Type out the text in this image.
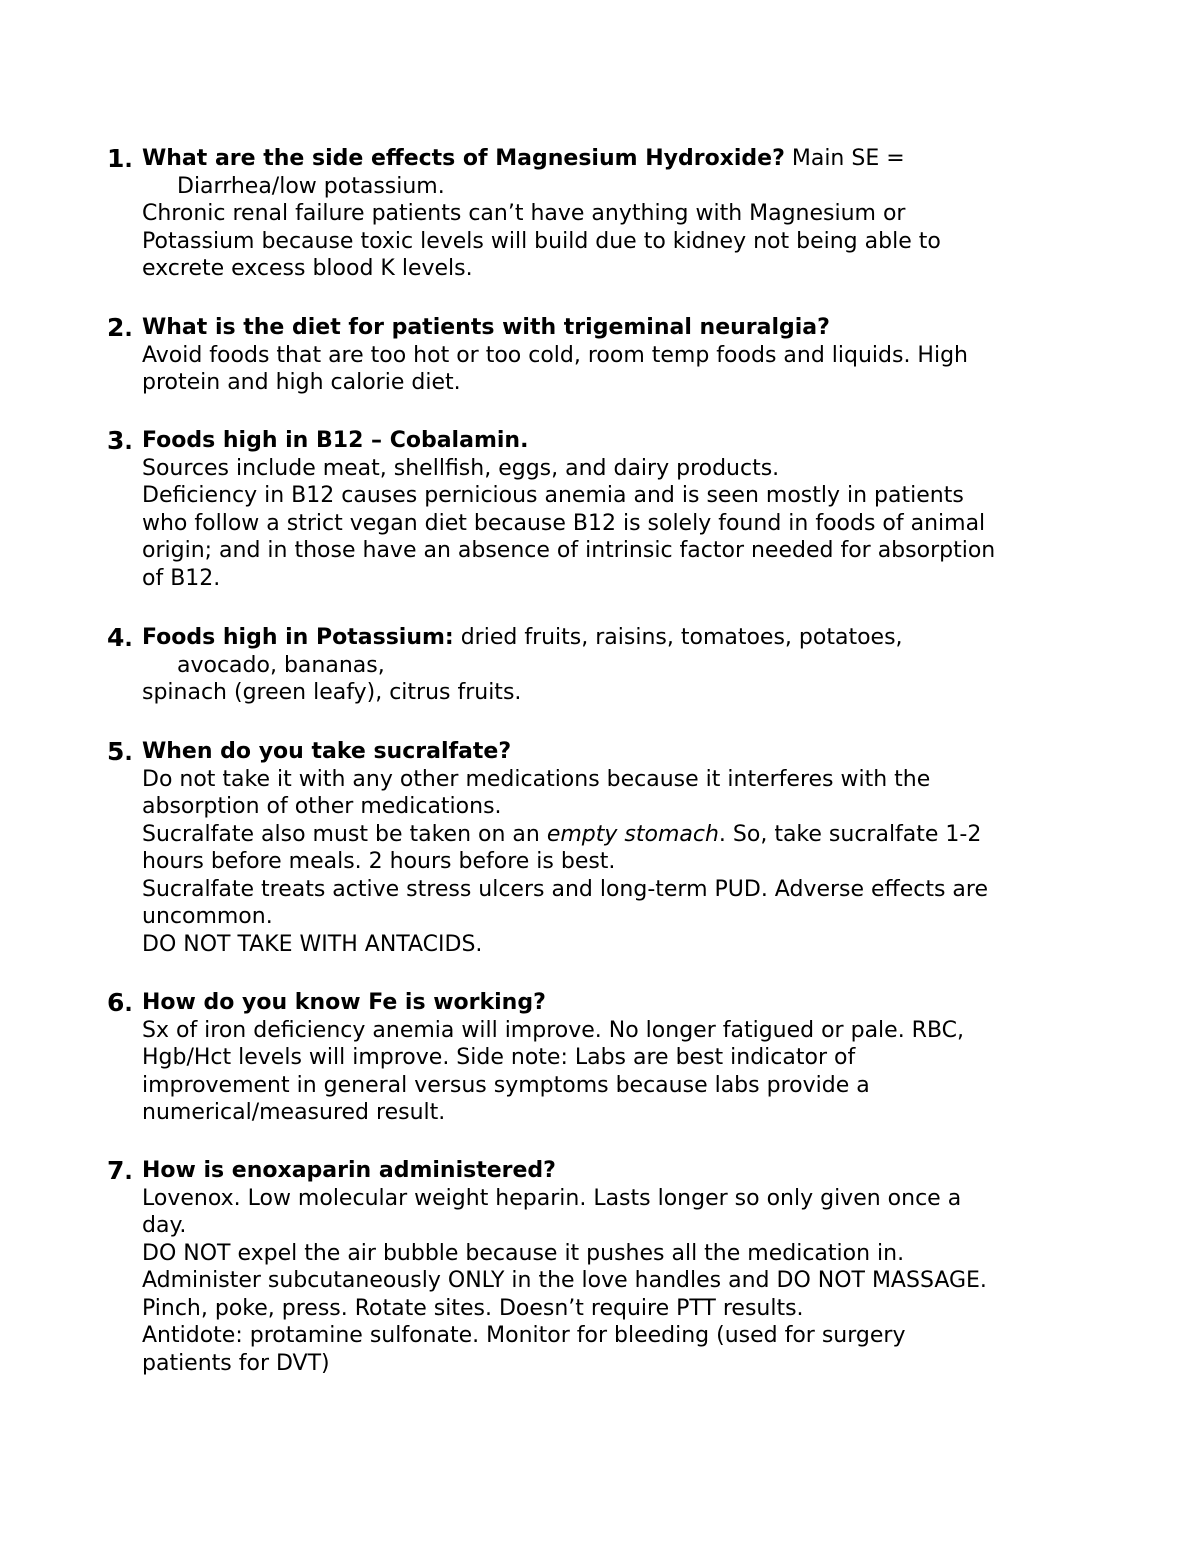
1. What are the side effects of Magnesium Hydroxide? Main SE =
Diarrhea/low potassium.
Chronic renal failure patients can’t have anything with Magnesium or
Potassium because toxic levels will build due to kidney not being able to
excrete excess blood K levels.
2. What is the diet for patients with trigeminal neuralgia?
Avoid foods that are too hot or too cold, room temp foods and liquids. High
protein and high calorie diet.
3. Foods high in B12 – Cobalamin.
Sources include meat, shellfish, eggs, and dairy products.
Deficiency in B12 causes pernicious anemia and is seen mostly in patients
who follow a strict vegan diet because B12 is solely found in foods of animal
origin; and in those have an absence of intrinsic factor needed for absorption
of B12.
4. Foods high in Potassium: dried fruits, raisins, tomatoes, potatoes,
avocado, bananas,
spinach (green leafy), citrus fruits.
5. When do you take sucralfate?
Do not take it with any other medications because it interferes with the
absorption of other medications.
Sucralfate also must be taken on an empty stomach. So, take sucralfate 1-2
hours before meals. 2 hours before is best.
Sucralfate treats active stress ulcers and long-term PUD. Adverse effects are
uncommon.
DO NOT TAKE WITH ANTACIDS.
6. How do you know Fe is working?
Sx of iron deficiency anemia will improve. No longer fatigued or pale. RBC,
Hgb/Hct levels will improve. Side note: Labs are best indicator of
improvement in general versus symptoms because labs provide a
numerical/measured result.
7. How is enoxaparin administered?
Lovenox. Low molecular weight heparin. Lasts longer so only given once a
day.
DO NOT expel the air bubble because it pushes all the medication in.
Administer subcutaneously ONLY in the love handles and DO NOT MASSAGE.
Pinch, poke, press. Rotate sites. Doesn’t require PTT results.
Antidote: protamine sulfonate. Monitor for bleeding (used for surgery
patients for DVT)
